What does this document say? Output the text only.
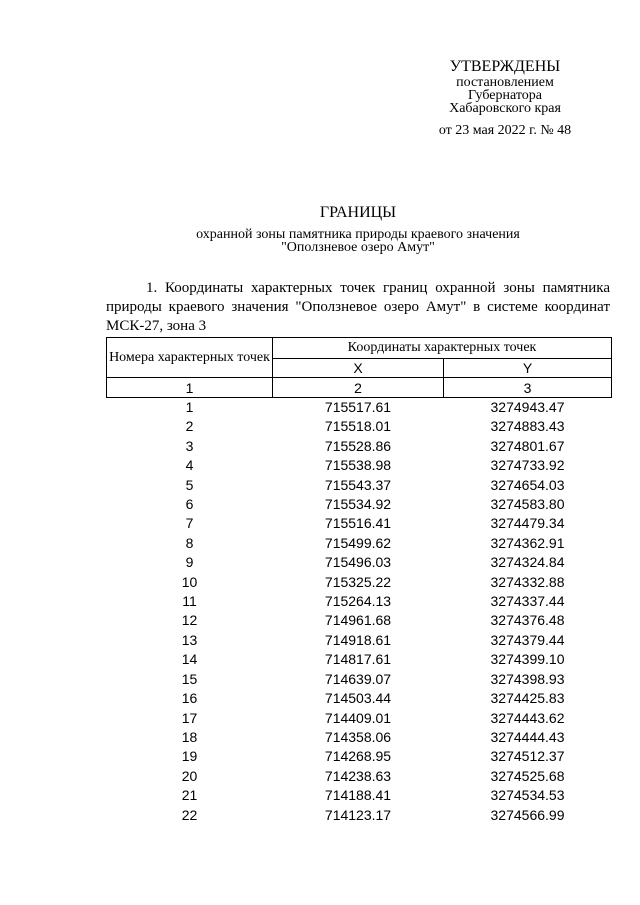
УТВЕРЖДЕНЫ
постановлением
Губернатора
Хабаровского края
от 23 мая 2022 г. № 48
ГРАНИЦЫ
охранной зоны памятника природы краевого значения
"Оползневое озеро Амут"
1. Координаты характерных точек границ охранной зоны памятника
природы краевого значения "Оползневое озеро Амут" в системе координат
МСК-27, зона 3
Номера характерных точек	Координаты характерных точек	
	X	Y
1	2	3
1	715517.61	3274943.47
2	715518.01	3274883.43
3	715528.86	3274801.67
4	715538.98	3274733.92
5	715543.37	3274654.03
6	715534.92	3274583.80
7	715516.41	3274479.34
8	715499.62	3274362.91
9	715496.03	3274324.84
10	715325.22	3274332.88
11	715264.13	3274337.44
12	714961.68	3274376.48
13	714918.61	3274379.44
14	714817.61	3274399.10
15	714639.07	3274398.93
16	714503.44	3274425.83
17	714409.01	3274443.62
18	714358.06	3274444.43
19	714268.95	3274512.37
20	714238.63	3274525.68
21	714188.41	3274534.53
22	714123.17	3274566.99
